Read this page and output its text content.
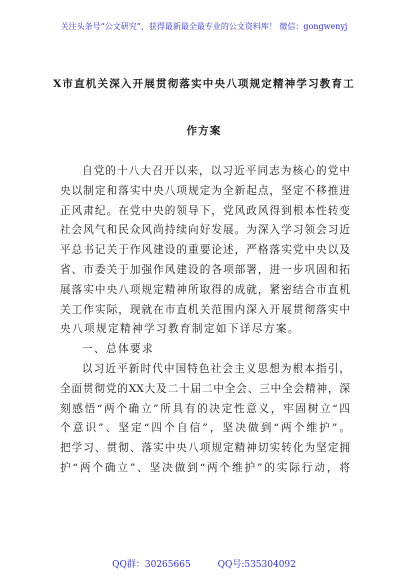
关注头条号“公文研究”，获得最新最全最专业的公文资料库！ 微信：gongwenyj
X市直机关深入开展贯彻落实中央八项规定精神学习教育工
作方案
自党的十八大召开以来，以习近平同志为核心的党中
央以制定和落实中央八项规定为全新起点，坚定不移推进
正风肃纪。在党中央的领导下，党风政风得到根本性转变
社会风气和民众风尚持续向好发展。为深入学习领会习近
平总书记关于作风建设的重要论述，严格落实党中央以及
省、市委关于加强作风建设的各项部署，进一步巩固和拓
展落实中央八项规定精神所取得的成就，紧密结合市直机
关工作实际，现就在市直机关范围内深入开展贯彻落实中
央八项规定精神学习教育制定如下详尽方案。
一、总体要求
以习近平新时代中国特色社会主义思想为根本指引，
全面贯彻党的XX大及二十届二中全会、三中全会精神，深
刻感悟“两个确立”所具有的决定性意义，牢固树立“四
个意识”、坚定“四个自信”，坚决做到“两个维护”。
把学习、贯彻、落实中央八项规定精神切实转化为坚定拥
护“两个确立”、坚决做到“两个维护”的实际行动，将
QQ群：30265665	QQ号:535304092
